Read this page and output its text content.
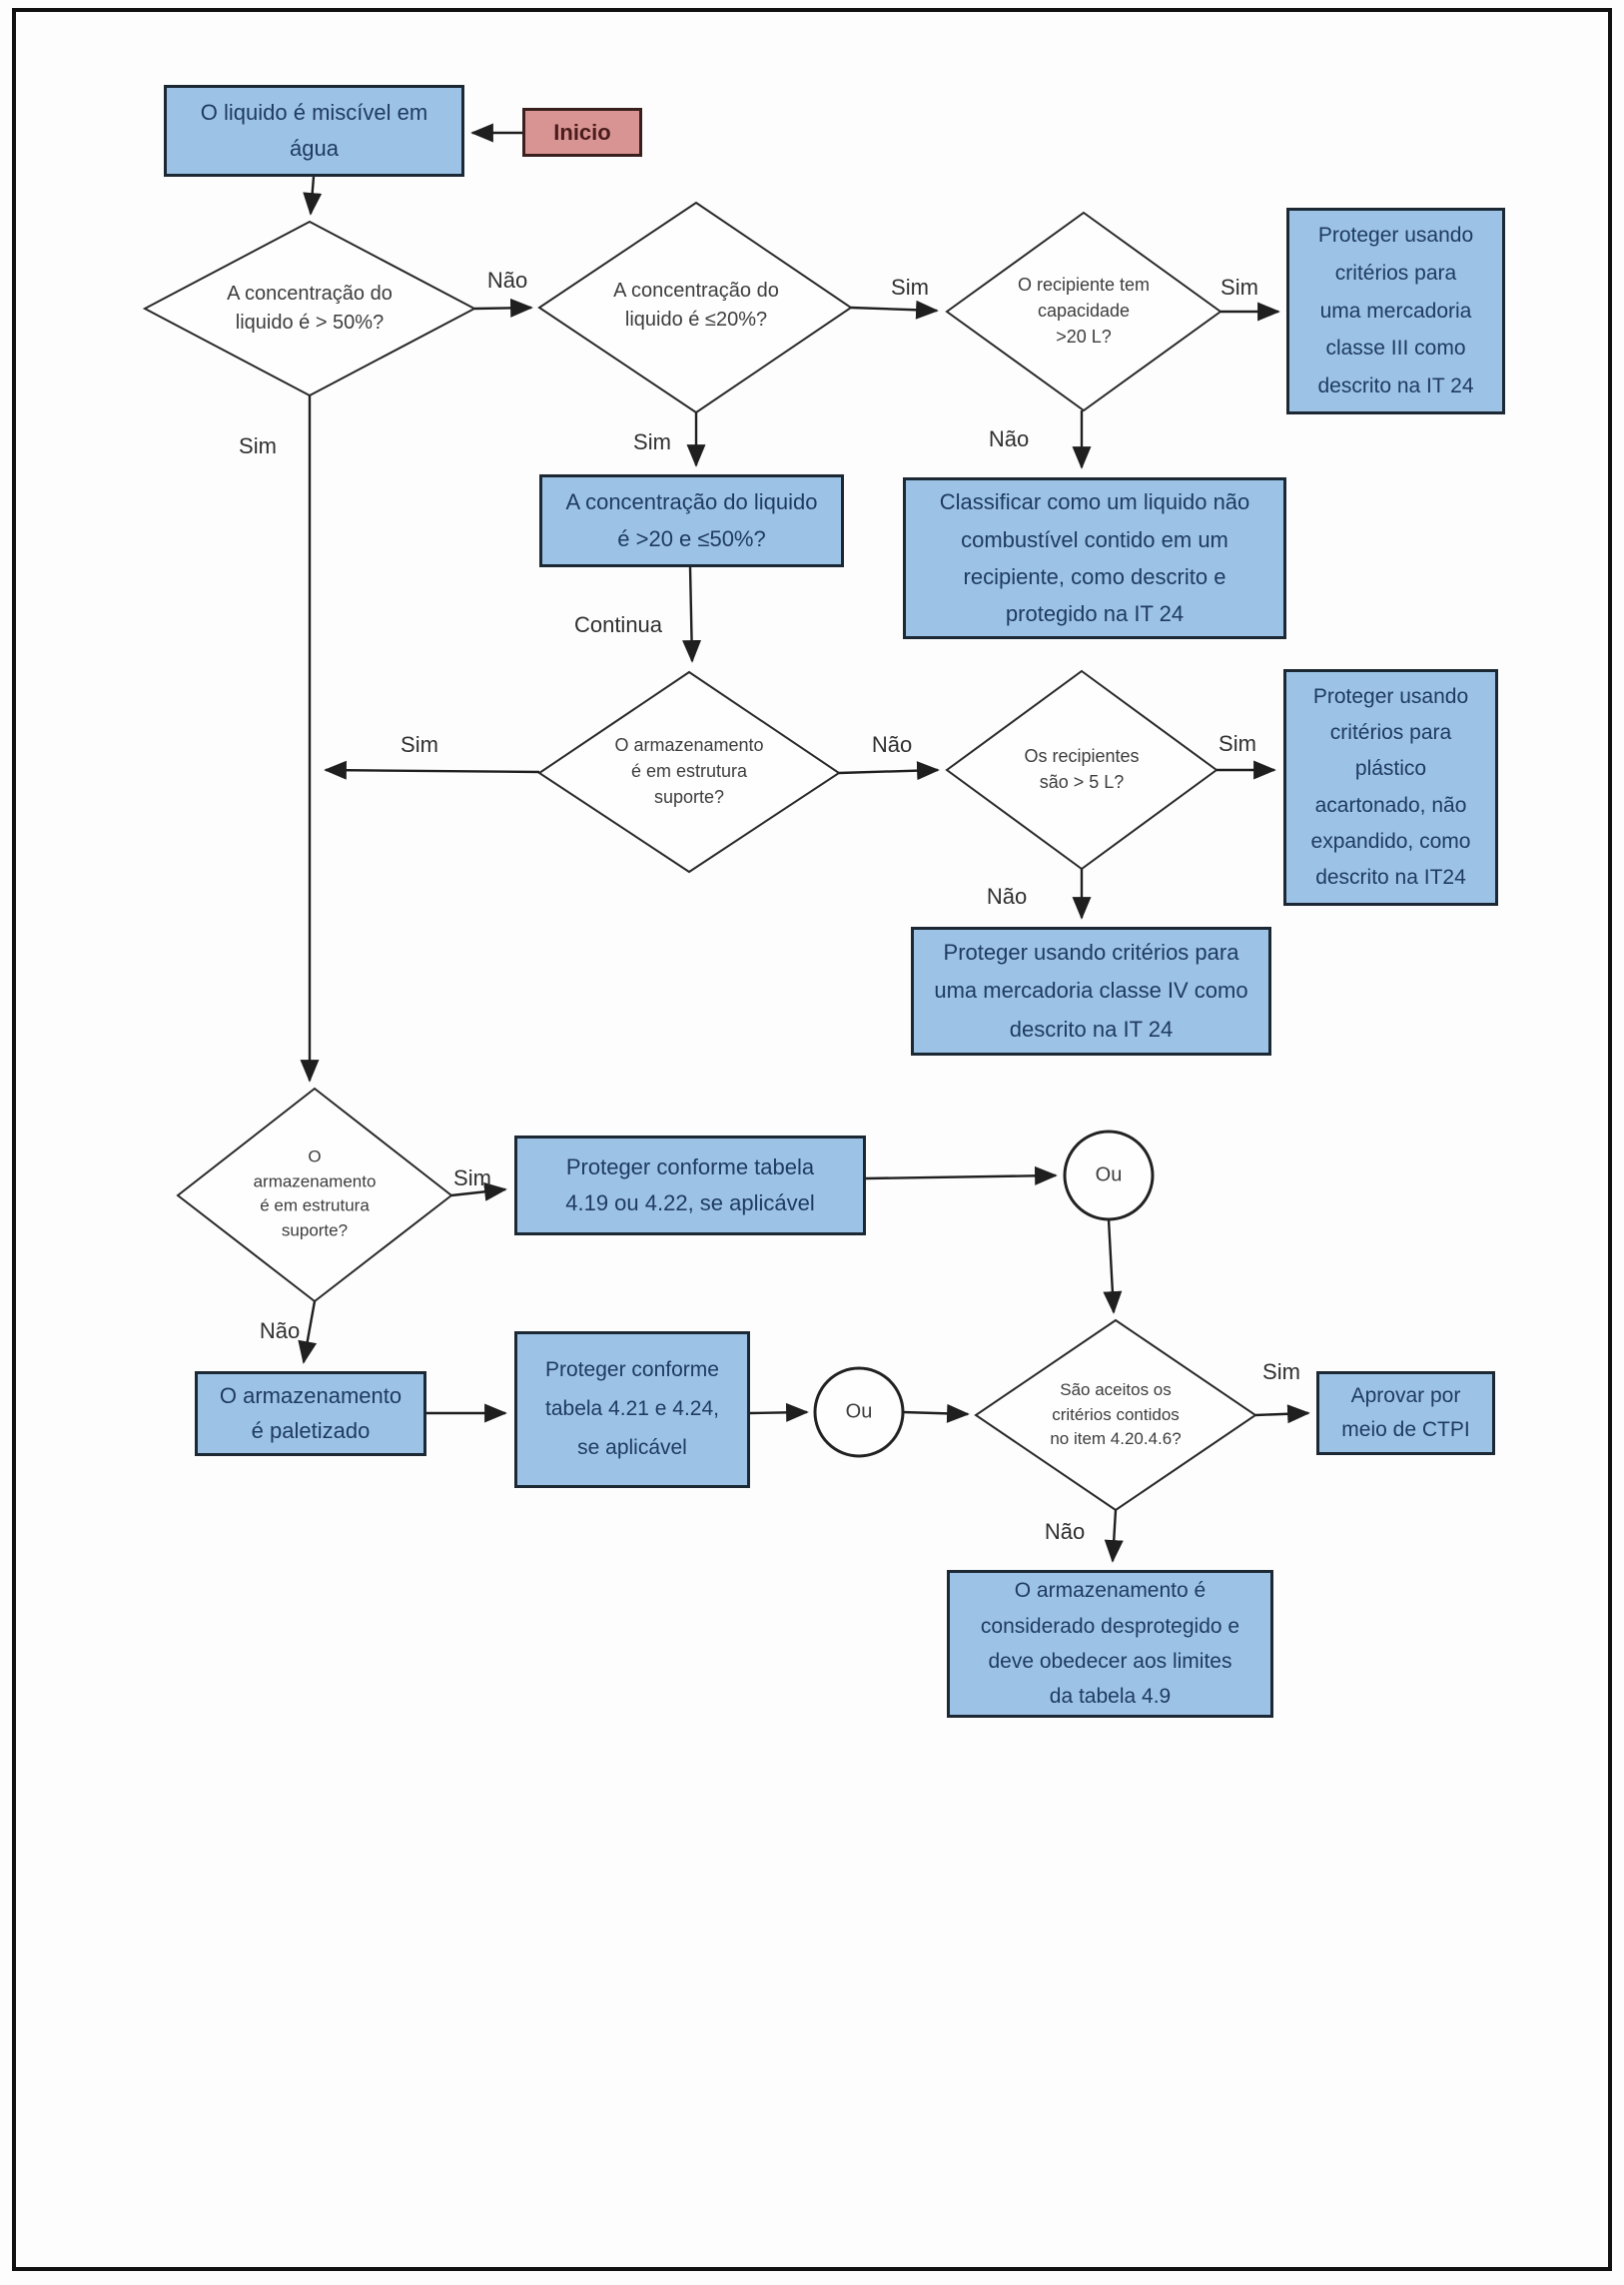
Inicio
O liquido é miscível em
água
A concentração do liquido
é >20 e ≤50%?
Proteger usando
critérios para
uma mercadoria
classe III como
descrito na IT 24
Classificar como um liquido não
combustível contido em um
recipiente, como descrito e
protegido na IT 24
Proteger usando
critérios para
plástico
acartonado, não
expandido, como
descrito na IT24
Proteger usando critérios para
uma mercadoria classe IV como
descrito na IT 24
Proteger conforme tabela
4.19 ou 4.22, se aplicável
O armazenamento
é paletizado
Proteger conforme
tabela 4.21 e 4.24,
se aplicável
Aprovar por
meio de CTPI
O armazenamento é
considerado desprotegido e
deve obedecer aos limites
da tabela 4.9
A concentração do
liquido é > 50%?
A concentração do
liquido é ≤20%?
O recipiente tem
capacidade
>20 L?
O armazenamento
é em estrutura
suporte?
Os recipientes
são > 5 L?
O
armazenamento
é em estrutura
suporte?
São aceitos os
critérios contidos
no item 4.20.4.6?
Ou
Ou
Não
Sim
Sim
Sim
Continua
Sim
Não
Sim	Não	Sim
Não
Sim
Não
Sim
Não
